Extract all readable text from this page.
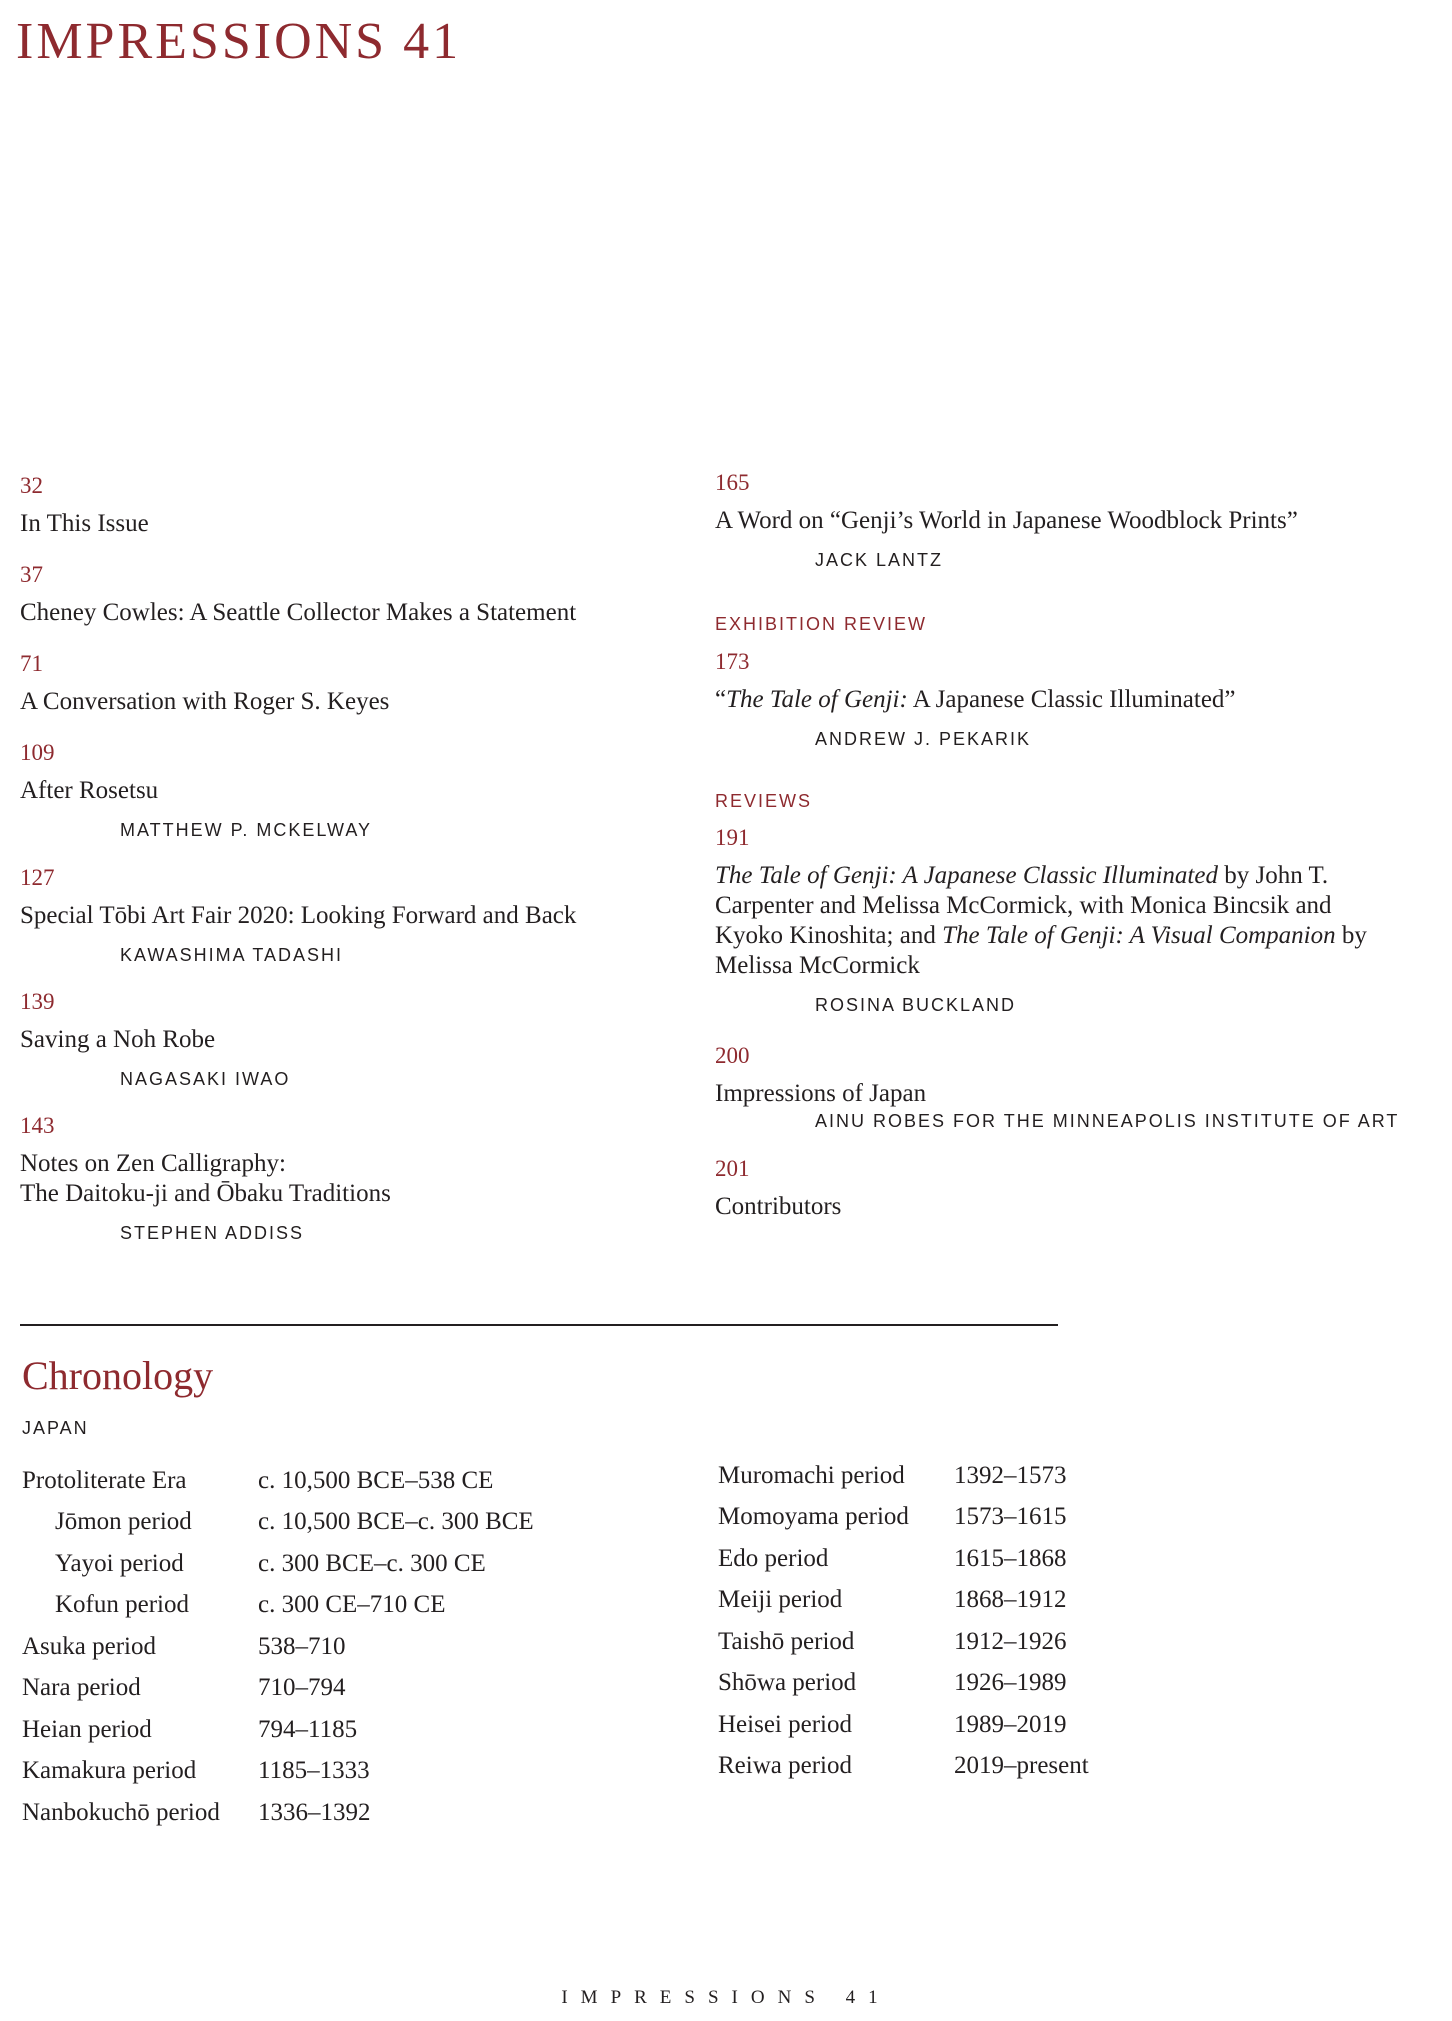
IMPRESSIONS 41
32
In This Issue
37
Cheney Cowles: A Seattle Collector Makes a Statement
71
A Conversation with Roger S. Keyes
109
After Rosetsu
MATTHEW P. MCKELWAY
127
Special Tōbi Art Fair 2020: Looking Forward and Back
KAWASHIMA TADASHI
139
Saving a Noh Robe
NAGASAKI IWAO
143
Notes on Zen Calligraphy:
The Daitoku-ji and Ōbaku Traditions
STEPHEN ADDISS
165
A Word on “Genji’s World in Japanese Woodblock Prints”
JACK LANTZ
EXHIBITION REVIEW
173
“The Tale of Genji: A Japanese Classic Illuminated”
ANDREW J. PEKARIK
REVIEWS
191
The Tale of Genji: A Japanese Classic Illuminated by John T. Carpenter and Melissa McCormick, with Monica Bincsik and Kyoko Kinoshita; and The Tale of Genji: A Visual Companion by Melissa McCormick
ROSINA BUCKLAND
200
Impressions of Japan
AINU ROBES FOR THE MINNEAPOLIS INSTITUTE OF ART
201
Contributors
Chronology
JAPAN
Protoliterate Era	c. 10,500 BCE–538 CE
Jōmon period	c. 10,500 BCE–c. 300 BCE
Yayoi period	c. 300 BCE–c. 300 CE
Kofun period	c. 300 CE–710 CE
Asuka period	538–710
Nara period	710–794
Heian period	794–1185
Kamakura period	1185–1333
Nanbokuchō period	1336–1392
Muromachi period	1392–1573
Momoyama period	1573–1615
Edo period	1615–1868
Meiji period	1868–1912
Taishō period	1912–1926
Shōwa period	1926–1989
Heisei period	1989–2019
Reiwa period	2019–present
IMPRESSIONS 41
